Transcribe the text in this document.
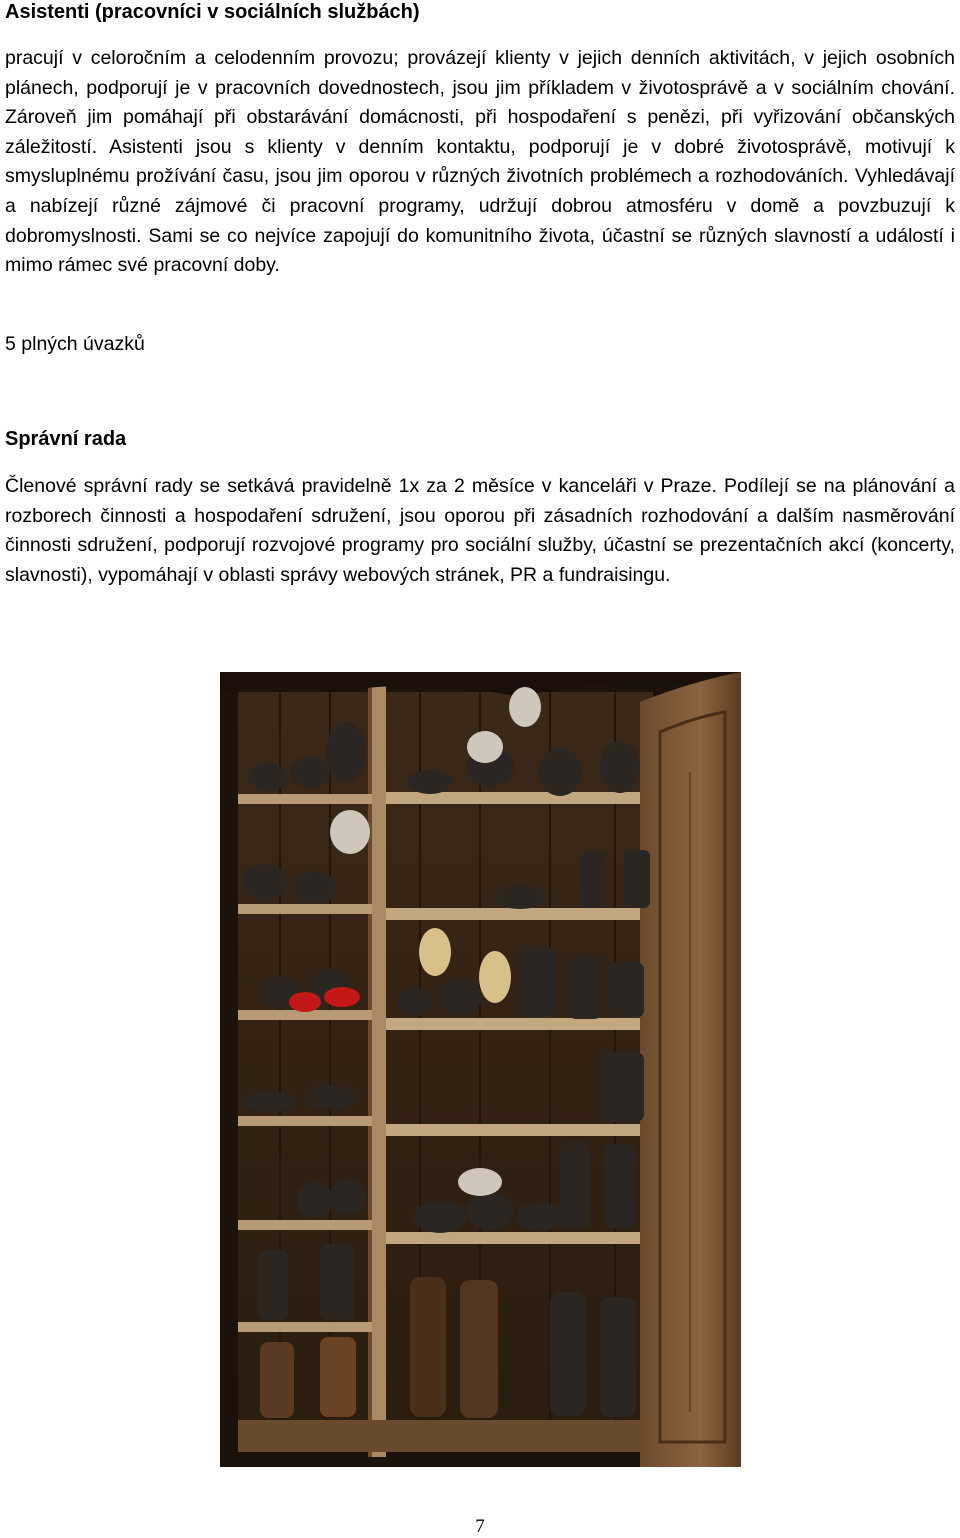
Asistenti (pracovníci v sociálních službách)
pracují v celoročním a celodenním provozu; provázejí klienty v jejich denních aktivitách, v jejich osobních plánech, podporují je v pracovních dovednostech, jsou jim příkladem v životosprávě a v sociálním chování. Zároveň jim pomáhají při obstarávání domácnosti, při hospodaření s penězi, při vyřizování občanských záležitostí. Asistenti jsou s klienty v denním kontaktu, podporují je v dobré životosprávě, motivují k smysluplnému prožívání času, jsou jim oporou v různých životních problémech a rozhodováních. Vyhledávají a nabízejí různé zájmové či pracovní programy, udržují dobrou atmosféru v domě a povzbuzují k dobromyslnosti. Sami se co nejvíce zapojují do komunitního života, účastní se různých slavností a událostí i mimo rámec své pracovní doby.
5 plných úvazků
Správní rada
Členové správní rady se setkává pravidelně 1x za 2 měsíce v kanceláři v Praze. Podílejí se na plánování a rozborech činnosti a hospodaření sdružení, jsou oporou při zásadních rozhodování a dalším nasměrování činnosti sdružení, podporují rozvojové programy pro sociální služby, účastní se prezentačních akcí (koncerty, slavnosti), vypomáhají v oblasti správy webových stránek, PR a fundraisingu.
7
